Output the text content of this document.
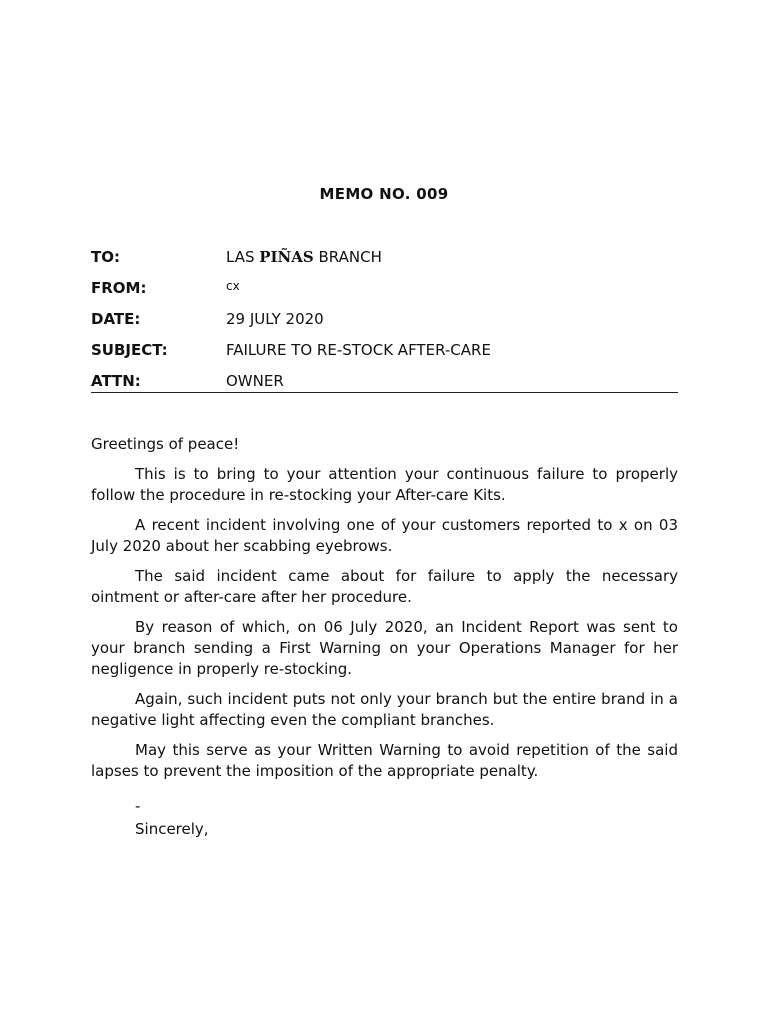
MEMO NO. 009
TO:	LAS PIÑAS BRANCH
FROM:	cx
DATE:	29 JULY 2020
SUBJECT:	FAILURE TO RE-STOCK AFTER-CARE
ATTN:	OWNER

Greetings of peace!

This is to bring to your attention your continuous failure to properly follow the procedure in re-stocking your After-care Kits.

A recent incident involving one of your customers reported to x on 03 July 2020 about her scabbing eyebrows.

The said incident came about for failure to apply the necessary ointment or after-care after her procedure.

By reason of which, on 06 July 2020, an Incident Report was sent to your branch sending a First Warning on your Operations Manager for her negligence in properly re-stocking.

Again, such incident puts not only your branch but the entire brand in a negative light affecting even the compliant branches.

May this serve as your Written Warning to avoid repetition of the said lapses to prevent the imposition of the appropriate penalty.

-
Sincerely,
